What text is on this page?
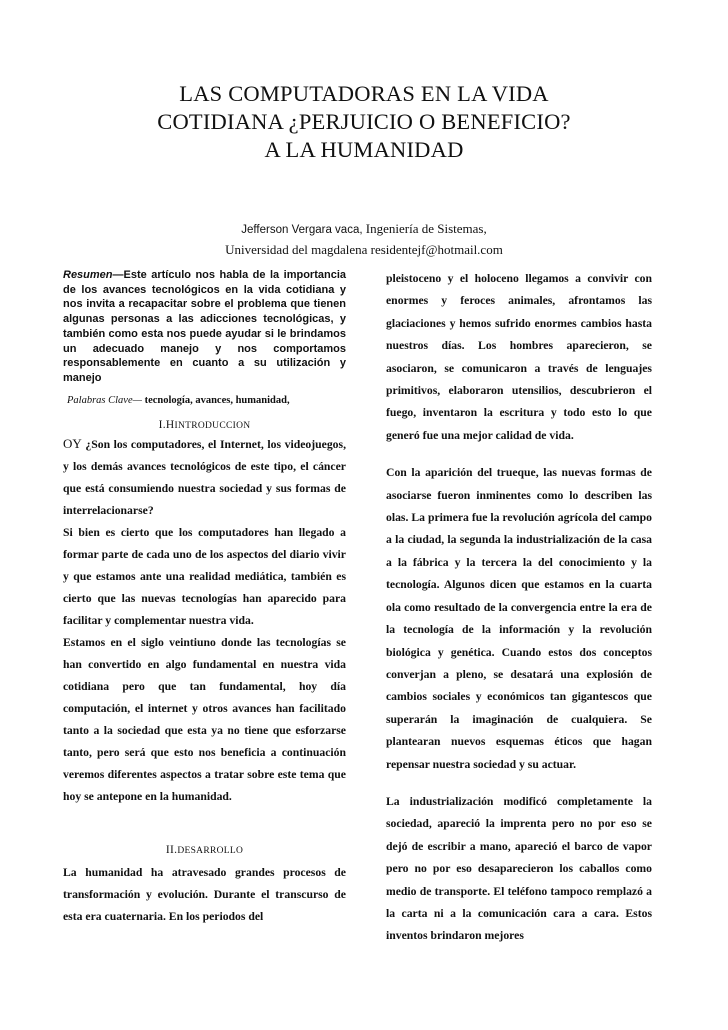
LAS COMPUTADORAS EN LA VIDA
COTIDIANA ¿PERJUICIO O BENEFICIO?
A LA HUMANIDAD
Jefferson Vergara vaca, Ingeniería de Sistemas,
Universidad del magdalena residentejf@hotmail.com

Resumen—Este artículo nos habla de la importancia de los avances tecnológicos en la vida cotidiana y nos invita a recapacitar sobre el problema que tienen algunas personas a las adicciones tecnológicas, y también como esta nos puede ayudar si le brindamos un adecuado manejo y nos comportamos responsablemente en cuanto a su utilización y manejo

Palabras Clave— tecnología, avances, humanidad,
I.HINTRODUCCION

OY ¿Son los computadores, el Internet, los videojuegos, y los demás avances tecnológicos de este tipo, el cáncer que está consumiendo nuestra sociedad y sus formas de interrelacionarse?

Si bien es cierto que los computadores han llegado a formar parte de cada uno de los aspectos del diario vivir y que estamos ante una realidad mediática, también es cierto que las nuevas tecnologías han aparecido para facilitar y complementar nuestra vida.

Estamos en el siglo veintiuno donde las tecnologías se han convertido en algo fundamental en nuestra vida cotidiana pero que tan fundamental, hoy día computación, el internet y otros avances han facilitado tanto a la sociedad que esta ya no tiene que esforzarse tanto, pero será que esto nos beneficia a continuación veremos diferentes aspectos a tratar sobre este tema que hoy se antepone en la humanidad.

II.DESARROLLO

La humanidad ha atravesado grandes procesos de transformación y evolución. Durante el transcurso de esta era cuaternaria. En los periodos del

pleistoceno y el holoceno llegamos a convivir con enormes y feroces animales, afrontamos las glaciaciones y hemos sufrido enormes cambios hasta nuestros días. Los hombres aparecieron, se asociaron, se comunicaron a través de lenguajes primitivos, elaboraron utensilios, descubrieron el fuego, inventaron la escritura y todo esto lo que generó fue una mejor calidad de vida.

Con la aparición del trueque, las nuevas formas de asociarse fueron inminentes como lo describen las olas. La primera fue la revolución agrícola del campo a la ciudad, la segunda la industrialización de la casa a la fábrica y la tercera la del conocimiento y la tecnología. Algunos dicen que estamos en la cuarta ola como resultado de la convergencia entre la era de la tecnología de la información y la revolución biológica y genética. Cuando estos dos conceptos converjan a pleno, se desatará una explosión de cambios sociales y económicos tan gigantescos que superarán la imaginación de cualquiera. Se plantearan nuevos esquemas éticos que hagan repensar nuestra sociedad y su actuar.

La industrialización modificó completamente la sociedad, apareció la imprenta pero no por eso se dejó de escribir a mano, apareció el barco de vapor pero no por eso desaparecieron los caballos como medio de transporte. El teléfono tampoco remplazó a la carta ni a la comunicación cara a cara. Estos inventos brindaron mejores
